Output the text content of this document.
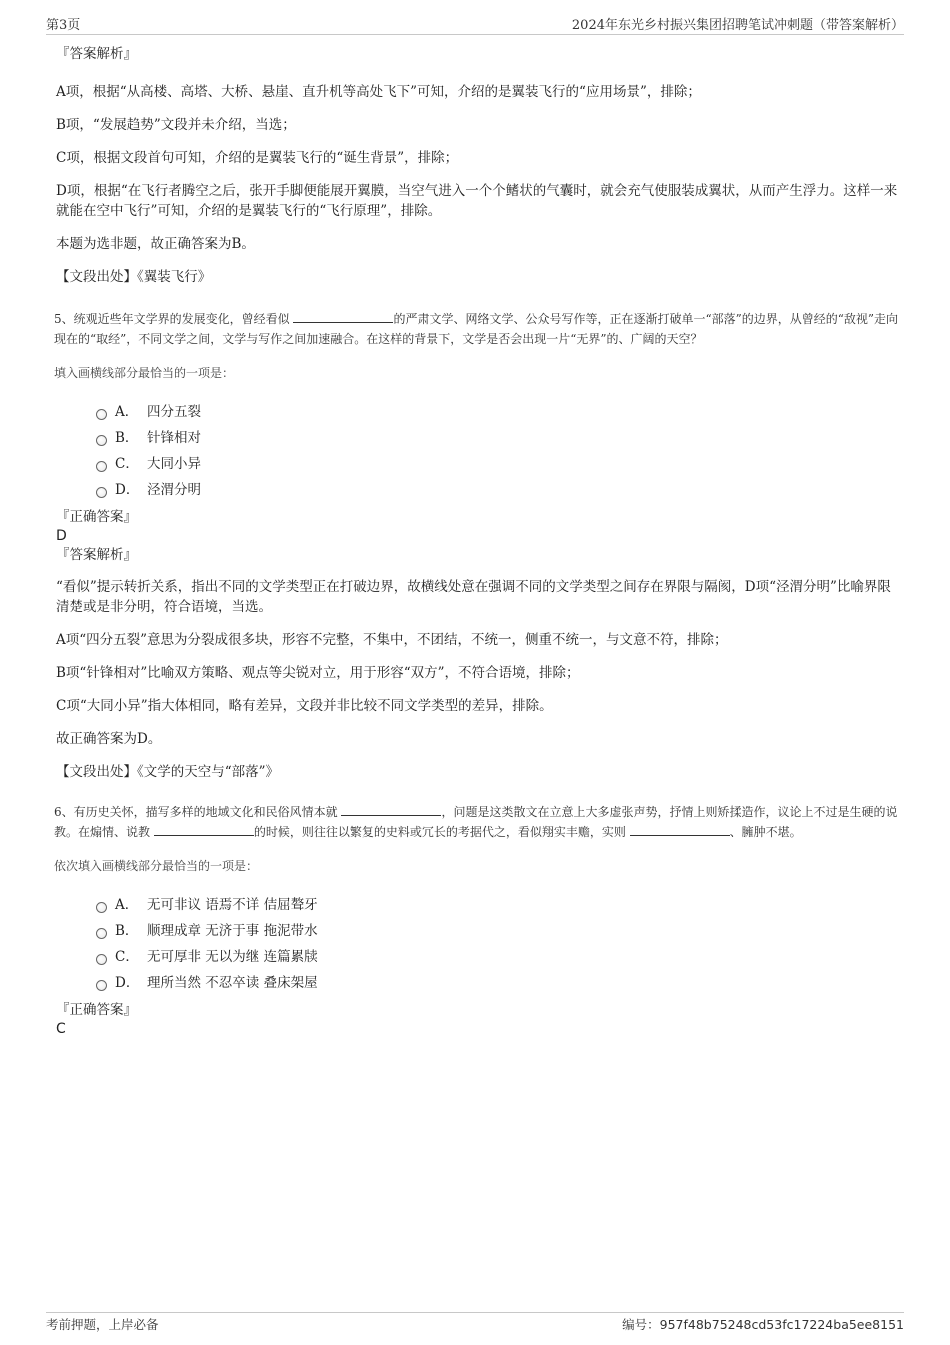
第3页	2024年东光乡村振兴集团招聘笔试冲刺题（带答案解析）

『答案解析』

A项，根据“从高楼、高塔、大桥、悬崖、直升机等高处飞下”可知，介绍的是翼装飞行的“应用场景”，排除；

B项，“发展趋势”文段并未介绍，当选；

C项，根据文段首句可知，介绍的是翼装飞行的“诞生背景”，排除；

D项，根据“在飞行者腾空之后，张开手脚便能展开翼膜，当空气进入一个个鳍状的气囊时，就会充气使服装成翼状，从而产生浮力。这样一来就能在空中飞行”可知，介绍的是翼装飞行的“飞行原理”，排除。

本题为选非题，故正确答案为B。

【文段出处】《翼装飞行》

5、统观近些年文学界的发展变化，曾经看似	的严肃文学、网络文学、公众号写作等，正在逐渐打破单一“部落”的边界，从曾经的“敌视”走向现在的“取经”，不同文学之间，文学与写作之间加速融合。在这样的背景下，文学是否会出现一片“无界”的、广阔的天空？

填入画横线部分最恰当的一项是：

A． 四分五裂
B． 针锋相对
C． 大同小异
D． 泾渭分明

『正确答案』

D

『答案解析』

“看似”提示转折关系，指出不同的文学类型正在打破边界，故横线处意在强调不同的文学类型之间存在界限与隔阂，D项“泾渭分明”比喻界限清楚或是非分明，符合语境，当选。

A项“四分五裂”意思为分裂成很多块，形容不完整，不集中，不团结，不统一，侧重不统一，与文意不符，排除；

B项“针锋相对”比喻双方策略、观点等尖锐对立，用于形容“双方”，不符合语境，排除；

C项“大同小异”指大体相同，略有差异，文段并非比较不同文学类型的差异，排除。

故正确答案为D。

【文段出处】《文学的天空与“部落”》

6、有历史关怀，描写多样的地域文化和民俗风情本就	，问题是这类散文在立意上大多虚张声势，抒情上则矫揉造作，议论上不过是生硬的说教。在煽情、说教	的时候，则往往以繁复的史料或冗长的考据代之，看似翔实丰赡，实则	、臃肿不堪。

依次填入画横线部分最恰当的一项是：

A． 无可非议 语焉不详 佶屈聱牙
B． 顺理成章 无济于事 拖泥带水
C． 无可厚非 无以为继 连篇累牍
D． 理所当然 不忍卒读 叠床架屋

『正确答案』

C

考前押题，上岸必备	编号：957f48b75248cd53fc17224ba5ee8151
